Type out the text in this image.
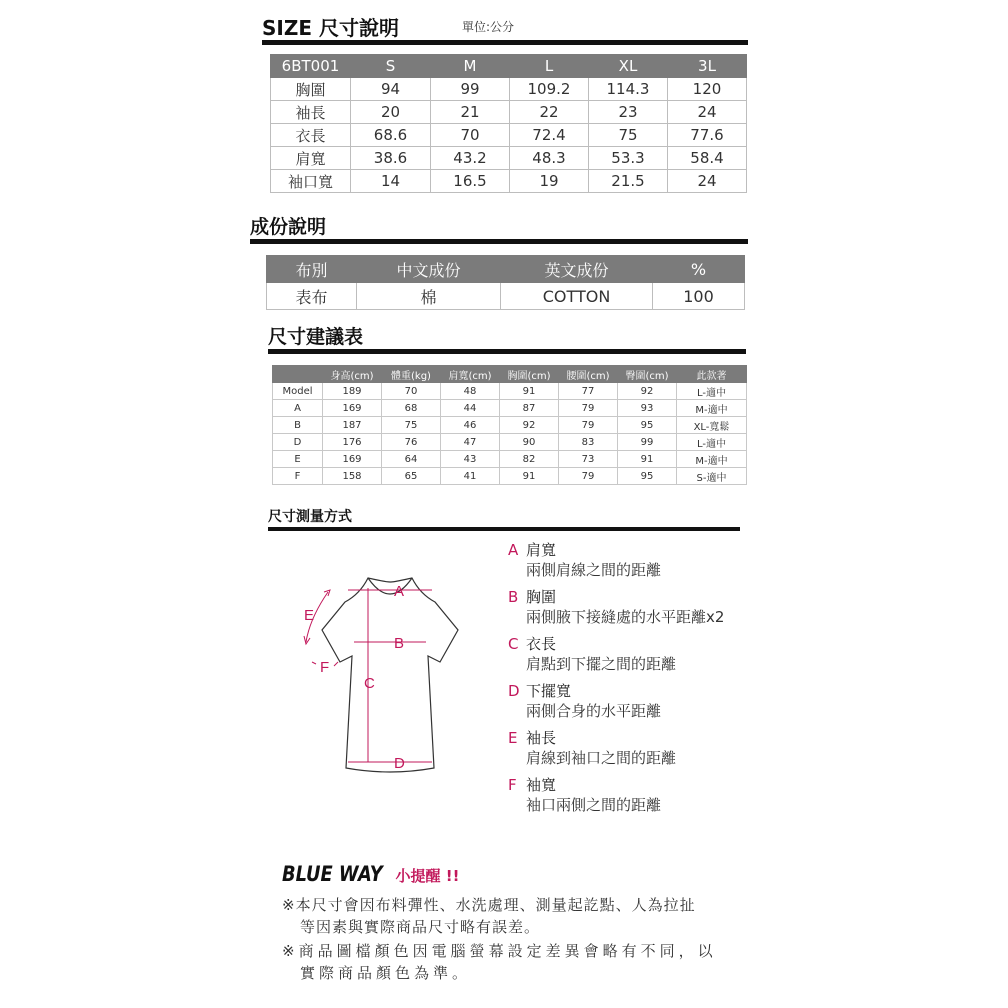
SIZE 尺寸說明	單位:公分
6BT001	S	M	L	XL	3L
胸圍	94	99	109.2	114.3	120
袖長	20	21	22	23	24
衣長	68.6	70	72.4	75	77.6
肩寬	38.6	43.2	48.3	53.3	58.4
袖口寬	14	16.5	19	21.5	24
成份說明
布別	中文成份	英文成份	%
表布	棉	COTTON	100
尺寸建議表
	身高(cm)	體重(kg)	肩寬(cm)	胸圍(cm)	腰圍(cm)	臀圍(cm)	此款著
Model	189	70	48	91	77	92	L-適中
A	169	68	44	87	79	93	M-適中
B	187	75	46	92	79	95	XL-寬鬆
D	176	76	47	90	83	99	L-適中
E	169	64	43	82	73	91	M-適中
F	158	65	41	91	79	95	S-適中
尺寸測量方式
A
B
C
D
E
F
A 肩寬
兩側肩線之間的距離
B 胸圍
兩側腋下接縫處的水平距離x2
C 衣長
肩點到下擺之間的距離
D 下擺寬
兩側合身的水平距離
E 袖長
肩線到袖口之間的距離
F 袖寬
袖口兩側之間的距離
BLUE WAY 小提醒 !!
※本尺寸會因布料彈性、水洗處理、測量起訖點、人為拉扯
等因素與實際商品尺寸略有誤差。
※商品圖檔顏色因電腦螢幕設定差異會略有不同，以
實際商品顏色為準。
